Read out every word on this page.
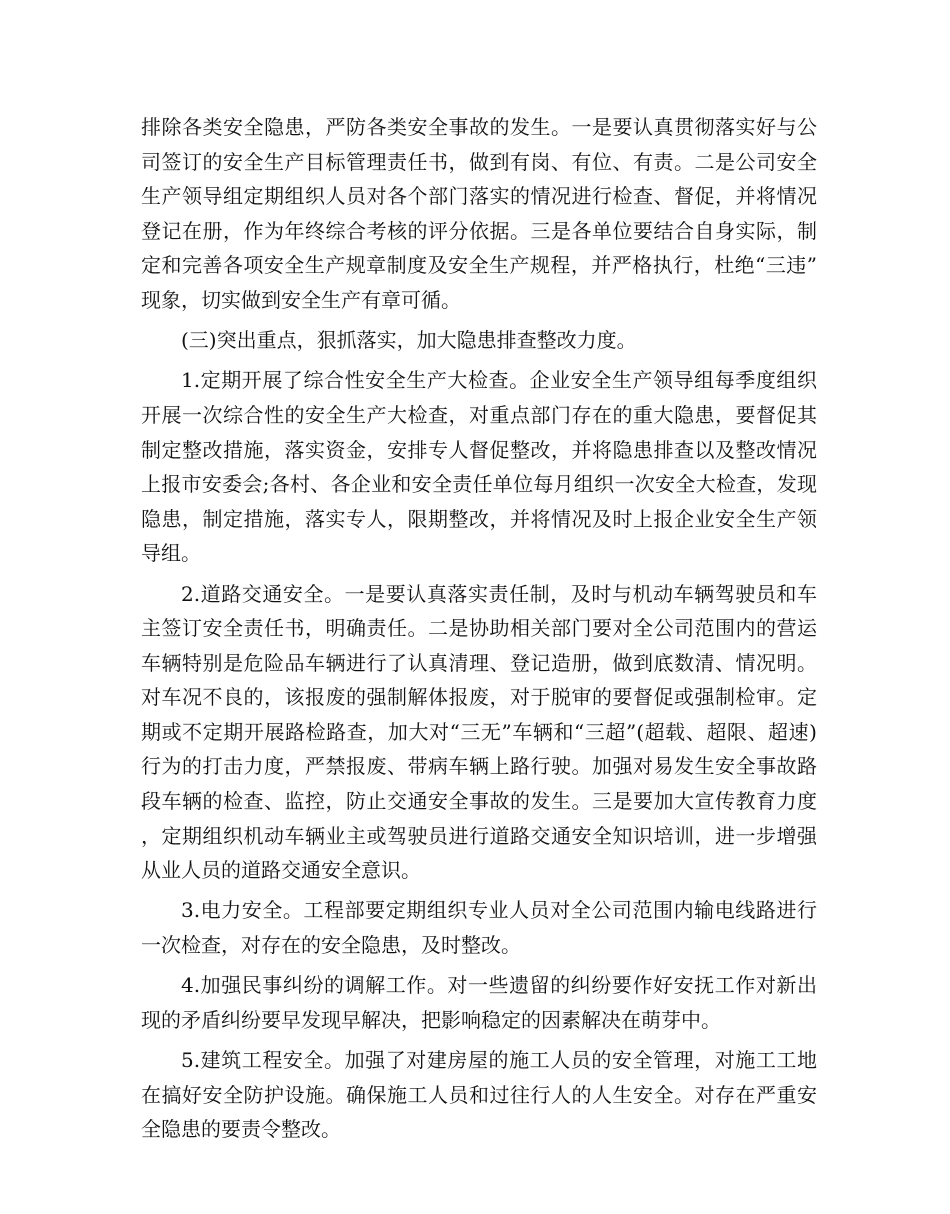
排除各类安全隐患，严防各类安全事故的发生。一是要认真贯彻落实好与公司签订的安全生产目标管理责任书，做到有岗、有位、有责。二是公司安全生产领导组定期组织人员对各个部门落实的情况进行检查、督促，并将情况登记在册，作为年终综合考核的评分依据。三是各单位要结合自身实际，制定和完善各项安全生产规章制度及安全生产规程，并严格执行，杜绝“三违”现象，切实做到安全生产有章可循。

(三)突出重点，狠抓落实，加大隐患排查整改力度。

1.定期开展了综合性安全生产大检查。企业安全生产领导组每季度组织开展一次综合性的安全生产大检查，对重点部门存在的重大隐患，要督促其制定整改措施，落实资金，安排专人督促整改，并将隐患排查以及整改情况上报市安委会;各村、各企业和安全责任单位每月组织一次安全大检查，发现隐患，制定措施，落实专人，限期整改，并将情况及时上报企业安全生产领导组。

2.道路交通安全。一是要认真落实责任制，及时与机动车辆驾驶员和车主签订安全责任书，明确责任。二是协助相关部门要对全公司范围内的营运车辆特别是危险品车辆进行了认真清理、登记造册，做到底数清、情况明。对车况不良的，该报废的强制解体报废，对于脱审的要督促或强制检审。定期或不定期开展路检路查，加大对“三无”车辆和“三超”(超载、超限、超速)行为的打击力度，严禁报废、带病车辆上路行驶。加强对易发生安全事故路段车辆的检查、监控，防止交通安全事故的发生。三是要加大宣传教育力度，定期组织机动车辆业主或驾驶员进行道路交通安全知识培训，进一步增强从业人员的道路交通安全意识。

3.电力安全。工程部要定期组织专业人员对全公司范围内输电线路进行一次检查，对存在的安全隐患，及时整改。

4.加强民事纠纷的调解工作。对一些遗留的纠纷要作好安抚工作对新出现的矛盾纠纷要早发现早解决，把影响稳定的因素解决在萌芽中。

5.建筑工程安全。加强了对建房屋的施工人员的安全管理，对施工工地在搞好安全防护设施。确保施工人员和过往行人的人生安全。对存在严重安全隐患的要责令整改。
